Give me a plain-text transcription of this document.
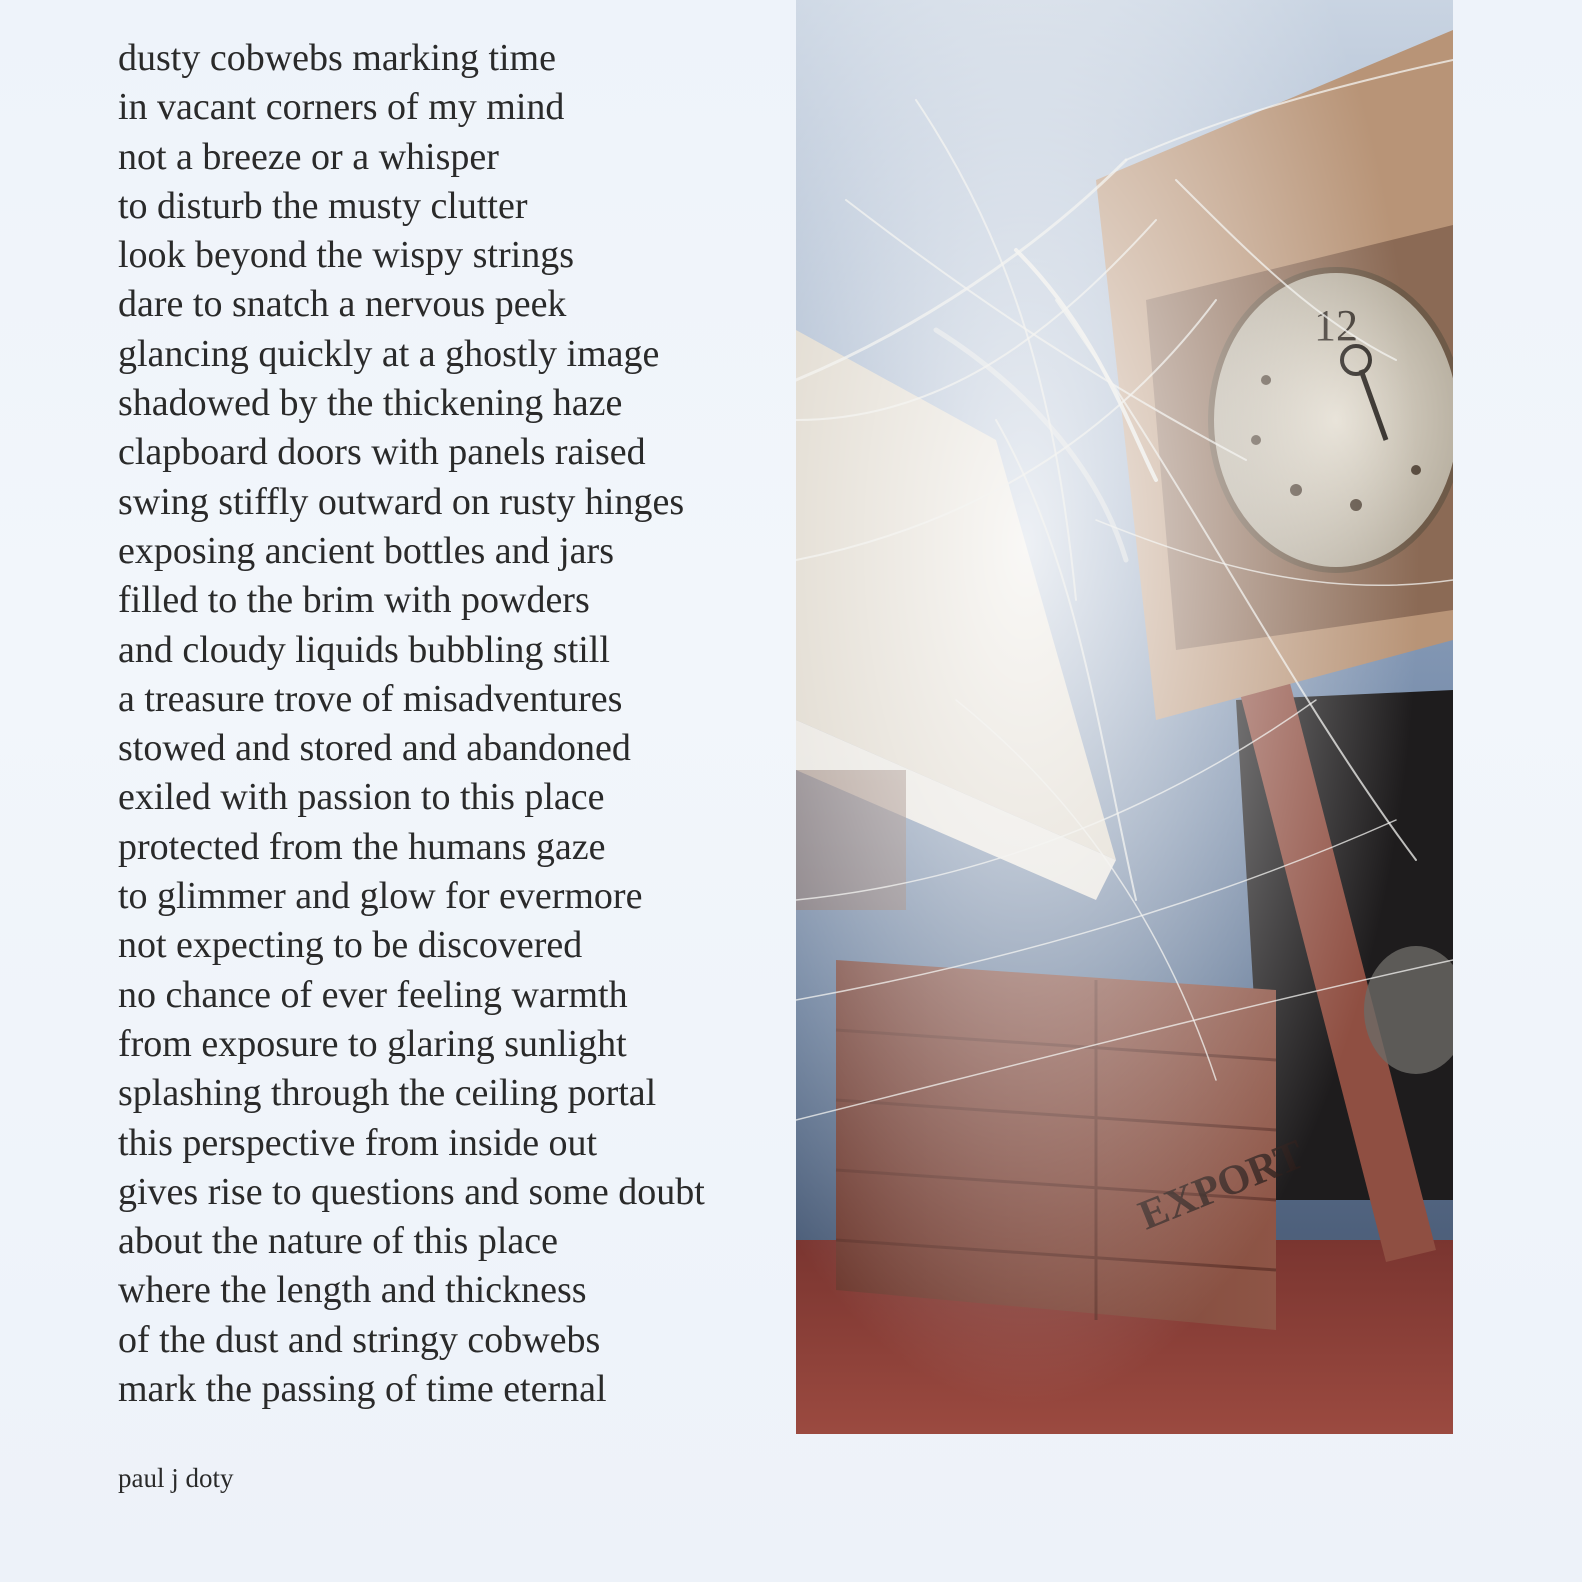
dusty cobwebs marking time
in vacant corners of my mind
not a breeze or a whisper
to disturb the musty clutter
look beyond the wispy strings
dare to snatch a nervous peek
glancing quickly at a ghostly image
shadowed by the thickening haze
clapboard doors with panels raised
swing stiffly outward on rusty hinges
exposing ancient bottles and jars
filled to the brim with powders
and cloudy liquids bubbling still
a treasure trove of misadventures
stowed and stored and abandoned
exiled with passion to this place
protected from the humans gaze
to glimmer and glow for evermore
not expecting to be discovered
no chance of ever feeling warmth
from exposure to glaring sunlight
splashing through the ceiling portal
this perspective from inside out
gives rise to questions and some doubt
about the nature of this place
where the length and thickness
of the dust and stringy cobwebs
mark the passing of time eternal
paul j doty
